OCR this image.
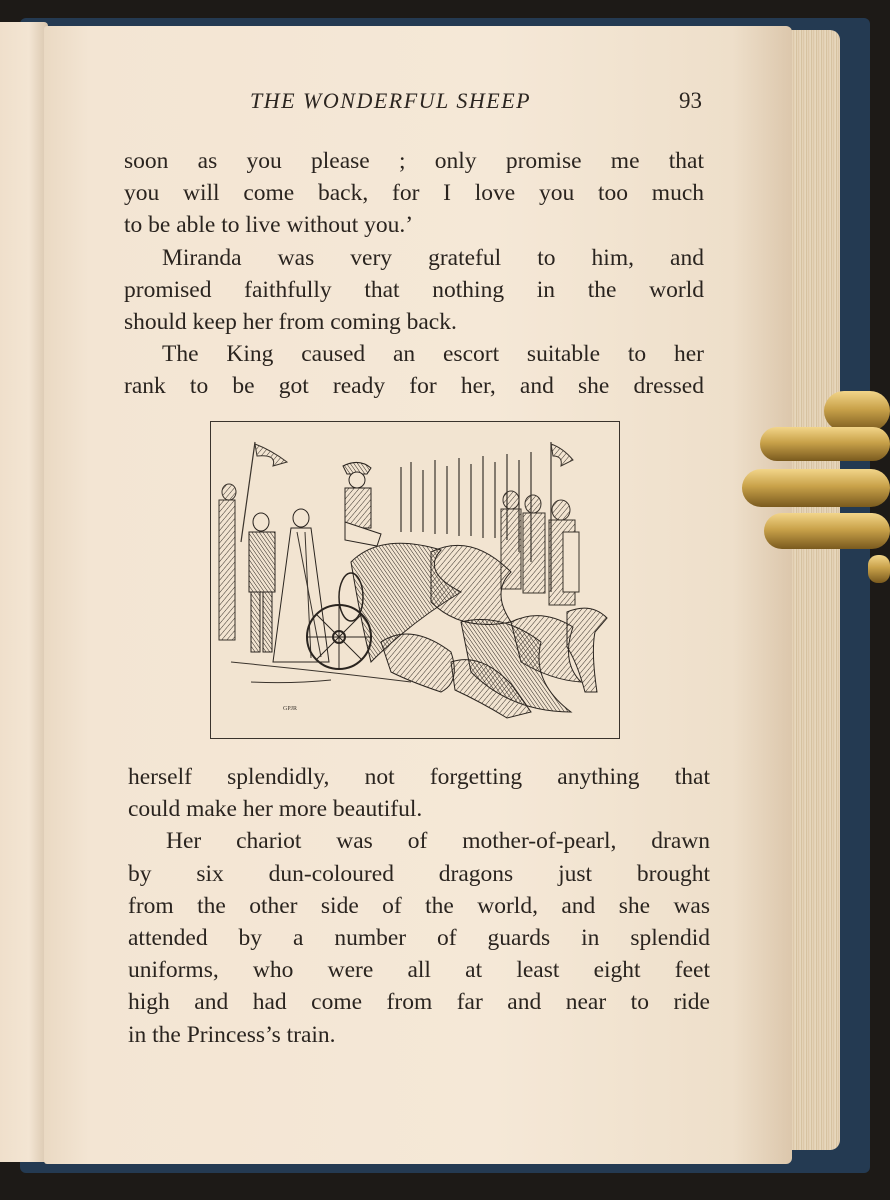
THE WONDERFUL SHEEP	93
soon as you please ; only promise me that
you will come back, for I love you too much
to be able to live without you.’
Miranda was very grateful to him, and
promised faithfully that nothing in the world
should keep her from coming back.
The King caused an escort suitable to her
rank to be got ready for her, and she dressed
GPJR
herself splendidly, not forgetting anything that
could make her more beautiful.
Her chariot was of mother-of-pearl, drawn
by six dun-coloured dragons just brought
from the other side of the world, and she was
attended by a number of guards in splendid
uniforms, who were all at least eight feet
high and had come from far and near to ride
in the Princess’s train.
